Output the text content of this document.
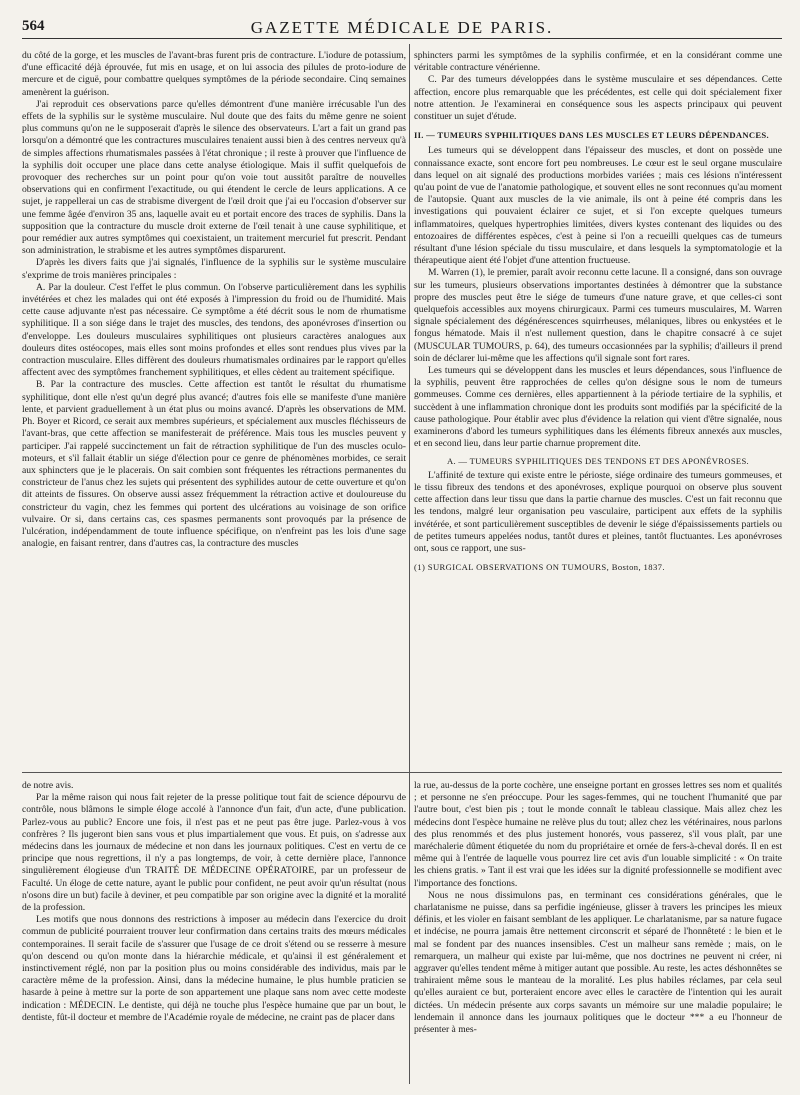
564	GAZETTE MÉDICALE DE PARIS.

du côté de la gorge, et les muscles de l'avant-bras furent pris de contracture. L'iodure de potassium, d'une efficacité déjà éprouvée, fut mis en usage, et on lui associa des pilules de proto-iodure de mercure et de ciguë, pour combattre quelques symptômes de la période secondaire. Cinq semaines amenèrent la guérison.

J'ai reproduit ces observations parce qu'elles démontrent d'une manière irrécusable l'un des effets de la syphilis sur le système musculaire. Nul doute que des faits du même genre ne soient plus communs qu'on ne le supposerait d'après le silence des observateurs. L'art a fait un grand pas lorsqu'on a démontré que les contractures musculaires tenaient aussi bien à des centres nerveux qu'à de simples affections rhumatismales passées à l'état chronique ; il reste à prouver que l'influence de la syphilis doit occuper une place dans cette analyse étiologique. Mais il suffit quelquefois de provoquer des recherches sur un point pour qu'on voie tout aussitôt paraître de nouvelles observations qui en confirment l'exactitude, ou qui étendent le cercle de leurs applications. A ce sujet, je rappellerai un cas de strabisme divergent de l'œil droit que j'ai eu l'occasion d'observer sur une femme âgée d'environ 35 ans, laquelle avait eu et portait encore des traces de syphilis. Dans la supposition que la contracture du muscle droit externe de l'œil tenait à une cause syphilitique, et pour remédier aux autres symptômes qui coexistaient, un traitement mercuriel fut prescrit. Pendant son administration, le strabisme et les autres symptômes disparurent.

D'après les divers faits que j'ai signalés, l'influence de la syphilis sur le système musculaire s'exprime de trois manières principales :

A. Par la douleur. C'est l'effet le plus commun. On l'observe particulièrement dans les syphilis invétérées et chez les malades qui ont été exposés à l'impression du froid ou de l'humidité. Mais cette cause adjuvante n'est pas nécessaire. Ce symptôme a été décrit sous le nom de rhumatisme syphilitique. Il a son siége dans le trajet des muscles, des tendons, des aponévroses d'insertion ou d'enveloppe. Les douleurs musculaires syphilitiques ont plusieurs caractères analogues aux douleurs dites ostéocopes, mais elles sont moins profondes et elles sont rendues plus vives par la contraction musculaire. Elles diffèrent des douleurs rhumatismales ordinaires par le rapport qu'elles affectent avec des symptômes franchement syphilitiques, et elles cèdent au traitement spécifique.

B. Par la contracture des muscles. Cette affection est tantôt le résultat du rhumatisme syphilitique, dont elle n'est qu'un degré plus avancé; d'autres fois elle se manifeste d'une manière lente, et parvient graduellement à un état plus ou moins avancé. D'après les observations de MM. Ph. Boyer et Ricord, ce serait aux membres supérieurs, et spécialement aux muscles fléchisseurs de l'avant-bras, que cette affection se manifesterait de préférence. Mais tous les muscles peuvent y participer. J'ai rappelé succinctement un fait de rétraction syphilitique de l'un des muscles oculo-moteurs, et s'il fallait établir un siége d'élection pour ce genre de phénomènes morbides, ce serait aux sphincters que je le placerais. On sait combien sont fréquentes les rétractions permanentes du constricteur de l'anus chez les sujets qui présentent des syphilides autour de cette ouverture et qu'on dit atteints de fissures. On observe aussi assez fréquemment la rétraction active et douloureuse du constricteur du vagin, chez les femmes qui portent des ulcérations au voisinage de son orifice vulvaire. Or si, dans certains cas, ces spasmes permanents sont provoqués par la présence de l'ulcération, indépendamment de toute influence spécifique, on n'enfreint pas les lois d'une sage analogie, en faisant rentrer, dans d'autres cas, la contracture des muscles

sphincters parmi les symptômes de la syphilis confirmée, et en la considérant comme une véritable contracture vénérienne.

C. Par des tumeurs développées dans le système musculaire et ses dépendances. Cette affection, encore plus remarquable que les précédentes, est celle qui doit spécialement fixer notre attention. Je l'examinerai en conséquence sous les aspects principaux qui peuvent constituer un sujet d'étude.

II. — TUMEURS SYPHILITIQUES DANS LES MUSCLES ET LEURS DÉPENDANCES.

Les tumeurs qui se développent dans l'épaisseur des muscles, et dont on possède une connaissance exacte, sont encore fort peu nombreuses. Le cœur est le seul organe musculaire dans lequel on ait signalé des productions morbides variées ; mais ces lésions n'intéressent qu'au point de vue de l'anatomie pathologique, et souvent elles ne sont reconnues qu'au moment de l'autopsie. Quant aux muscles de la vie animale, ils ont à peine été compris dans les investigations qui pouvaient éclairer ce sujet, et si l'on excepte quelques tumeurs inflammatoires, quelques hypertrophies limitées, divers kystes contenant des liquides ou des entozoaires de différentes espèces, c'est à peine si l'on a recueilli quelques cas de tumeurs résultant d'une lésion spéciale du tissu musculaire, et dans lesquels la symptomatologie et la thérapeutique aient été l'objet d'une attention fructueuse.

M. Warren (1), le premier, paraît avoir reconnu cette lacune. Il a consigné, dans son ouvrage sur les tumeurs, plusieurs observations importantes destinées à démontrer que la substance propre des muscles peut être le siége de tumeurs d'une nature grave, et que celles-ci sont quelquefois accessibles aux moyens chirurgicaux. Parmi ces tumeurs musculaires, M. Warren signale spécialement des dégénérescences squirrheuses, mélaniques, libres ou enkystées et le fongus hématode. Mais il n'est nullement question, dans le chapitre consacré à ce sujet (MUSCULAR TUMOURS, p. 64), des tumeurs occasionnées par la syphilis; d'ailleurs il prend soin de déclarer lui-même que les affections qu'il signale sont fort rares.

Les tumeurs qui se développent dans les muscles et leurs dépendances, sous l'influence de la syphilis, peuvent être rapprochées de celles qu'on désigne sous le nom de tumeurs gommeuses. Comme ces dernières, elles appartiennent à la période tertiaire de la syphilis, et succèdent à une inflammation chronique dont les produits sont modifiés par la spécificité de la cause pathologique. Pour établir avec plus d'évidence la relation qui vient d'être signalée, nous examinerons d'abord les tumeurs syphilitiques dans les éléments fibreux annexés aux muscles, et en second lieu, dans leur partie charnue proprement dite.

A. — TUMEURS SYPHILITIQUES DES TENDONS ET DES APONÉVROSES.

L'affinité de texture qui existe entre le périoste, siége ordinaire des tumeurs gommeuses, et le tissu fibreux des tendons et des aponévroses, explique pourquoi on observe plus souvent cette affection dans leur tissu que dans la partie charnue des muscles. C'est un fait reconnu que les tendons, malgré leur organisation peu vasculaire, participent aux effets de la syphilis invétérée, et sont particulièrement susceptibles de devenir le siége d'épaississements partiels ou de petites tumeurs appelées nodus, tantôt dures et pleines, tantôt fluctuantes. Les aponévroses ont, sous ce rapport, une sus-

(1) SURGICAL OBSERVATIONS ON TUMOURS, Boston, 1837.

de notre avis.

Par la même raison qui nous fait rejeter de la presse politique tout fait de science dépourvu de contrôle, nous blâmons le simple éloge accolé à l'annonce d'un fait, d'un acte, d'une publication. Parlez-vous au public? Encore une fois, il n'est pas et ne peut pas être juge. Parlez-vous à vos confrères ? Ils jugeront bien sans vous et plus impartialement que vous. Et puis, on s'adresse aux médecins dans les journaux de médecine et non dans les journaux politiques. C'est en vertu de ce principe que nous regrettions, il n'y a pas longtemps, de voir, à cette dernière place, l'annonce singulièrement élogieuse d'un TRAITÉ DE MÉDECINE OPÉRATOIRE, par un professeur de Faculté. Un éloge de cette nature, ayant le public pour confident, ne peut avoir qu'un résultat (nous n'osons dire un but) facile à deviner, et peu compatible par son origine avec la dignité et la moralité de la profession.

Les motifs que nous donnons des restrictions à imposer au médecin dans l'exercice du droit commun de publicité pourraient trouver leur confirmation dans certains traits des mœurs médicales contemporaines. Il serait facile de s'assurer que l'usage de ce droit s'étend ou se resserre à mesure qu'on descend ou qu'on monte dans la hiérarchie médicale, et qu'ainsi il est généralement et instinctivement réglé, non par la position plus ou moins considérable des individus, mais par le caractère même de la profession. Ainsi, dans la médecine humaine, le plus humble praticien se hasarde à peine à mettre sur la porte de son appartement une plaque sans nom avec cette modeste indication : MÉDECIN. Le dentiste, qui déjà ne touche plus l'espèce humaine que par un bout, le dentiste, fût-il docteur et membre de l'Académie royale de médecine, ne craint pas de placer dans

la rue, au-dessus de la porte cochère, une enseigne portant en grosses lettres ses nom et qualités ; et personne ne s'en préoccupe. Pour les sages-femmes, qui ne touchent l'humanité que par l'autre bout, c'est bien pis ; tout le monde connaît le tableau classique. Mais allez chez les médecins dont l'espèce humaine ne relève plus du tout; allez chez les vétérinaires, nous parlons des plus renommés et des plus justement honorés, vous passerez, s'il vous plaît, par une maréchalerie dûment étiquetée du nom du propriétaire et ornée de fers-à-cheval dorés. Il en est même qui à l'entrée de laquelle vous pourrez lire cet avis d'un louable simplicité : « On traite les chiens gratis. » Tant il est vrai que les idées sur la dignité professionnelle se modifient avec l'importance des fonctions.

Nous ne nous dissimulons pas, en terminant ces considérations générales, que le charlatanisme ne puisse, dans sa perfidie ingénieuse, glisser à travers les principes les mieux définis, et les violer en faisant semblant de les appliquer. Le charlatanisme, par sa nature fugace et indécise, ne pourra jamais être nettement circonscrit et séparé de l'honnêteté : le bien et le mal se fondent par des nuances insensibles. C'est un malheur sans remède ; mais, on le remarquera, un malheur qui existe par lui-même, que nos doctrines ne peuvent ni créer, ni aggraver qu'elles tendent même à mitiger autant que possible. Au reste, les actes déshonnêtes se trahiraient même sous le manteau de la moralité. Les plus habiles réclames, par cela seul qu'elles auraient ce but, porteraient encore avec elles le caractère de l'intention qui les aurait dictées. Un médecin présente aux corps savants un mémoire sur une maladie populaire; le lendemain il annonce dans les journaux politiques que le docteur *** a eu l'honneur de présenter à mes-
